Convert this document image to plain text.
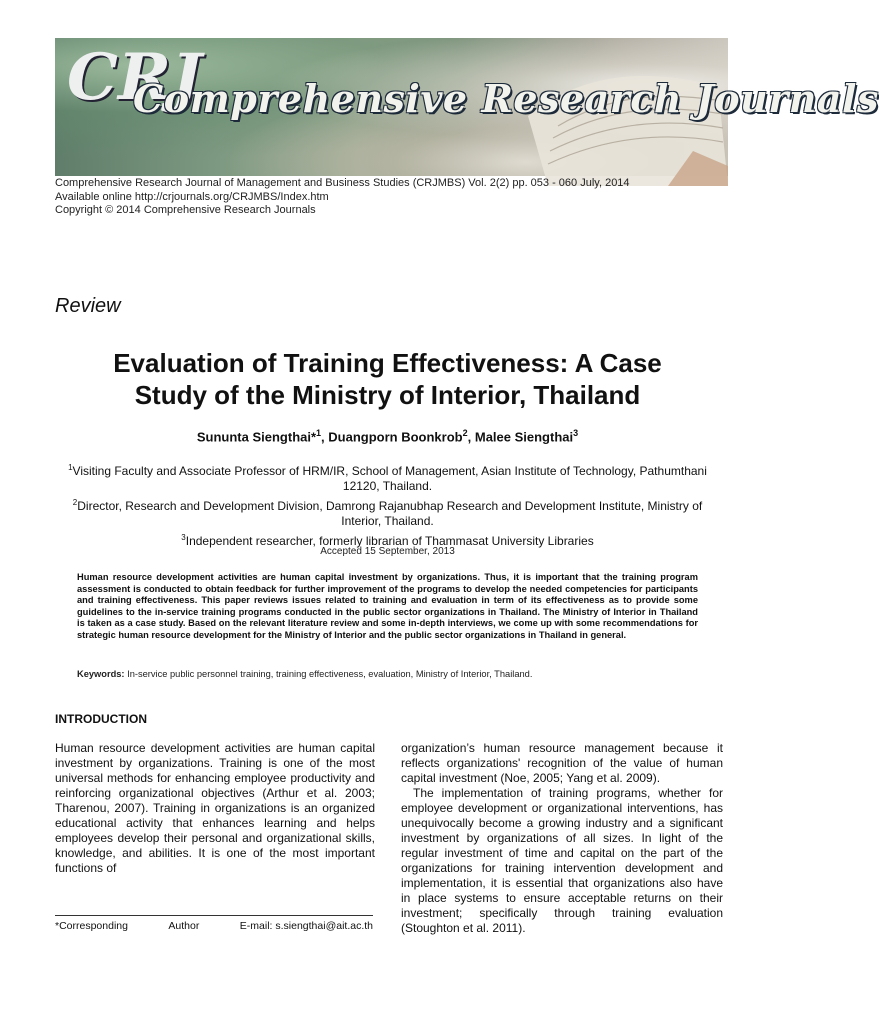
CRJ
Comprehensive Research Journals
Comprehensive Research Journal of Management and Business Studies (CRJMBS) Vol. 2(2) pp. 053 - 060 July, 2014
Available online http://crjournals.org/CRJMBS/Index.htm
Copyright © 2014 Comprehensive Research Journals
Review
Evaluation of Training Effectiveness: A Case
Study of the Ministry of Interior, Thailand
Sununta Siengthai*$^1$, Duangporn Boonkrob$^2$, Malee Siengthai$^3$
$^1$Visiting Faculty and Associate Professor of HRM/IR, School of Management, Asian Institute of Technology, Pathumthani 12120, Thailand.
$^2$Director, Research and Development Division, Damrong Rajanubhap Research and Development Institute, Ministry of Interior, Thailand.
$^3$Independent researcher, formerly librarian of Thammasat University Libraries
Accepted 15 September, 2013
Human resource development activities are human capital investment by organizations. Thus, it is important that the training program assessment is conducted to obtain feedback for further improvement of the programs to develop the needed competencies for participants and training effectiveness. This paper reviews issues related to training and evaluation in term of its effectiveness as to provide some guidelines to the in-service training programs conducted in the public sector organizations in Thailand. The Ministry of Interior in Thailand is taken as a case study. Based on the relevant literature review and some in-depth interviews, we come up with some recommendations for strategic human resource development for the Ministry of Interior and the public sector organizations in Thailand in general.
Keywords: In-service public personnel training, training effectiveness, evaluation, Ministry of Interior, Thailand.
INTRODUCTION

Human resource development activities are human capital investment by organizations. Training is one of the most universal methods for enhancing employee productivity and reinforcing organizational objectives (Arthur et al. 2003; Tharenou, 2007). Training in organizations is an organized educational activity that enhances learning and helps employees develop their personal and organizational skills, knowledge, and abilities. It is one of the most important functions of

organization’s human resource management because it reflects organizations' recognition of the value of human capital investment (Noe, 2005; Yang et al. 2009).

The implementation of training programs, whether for employee development or organizational interventions, has unequivocally become a growing industry and a significant investment by organizations of all sizes. In light of the regular investment of time and capital on the part of the organizations for training intervention development and implementation, it is essential that organizations also have in place systems to ensure acceptable returns on their investment; specifically through training evaluation (Stoughton et al. 2011).

*Corresponding	Author	E-mail: s.siengthai@ait.ac.th
